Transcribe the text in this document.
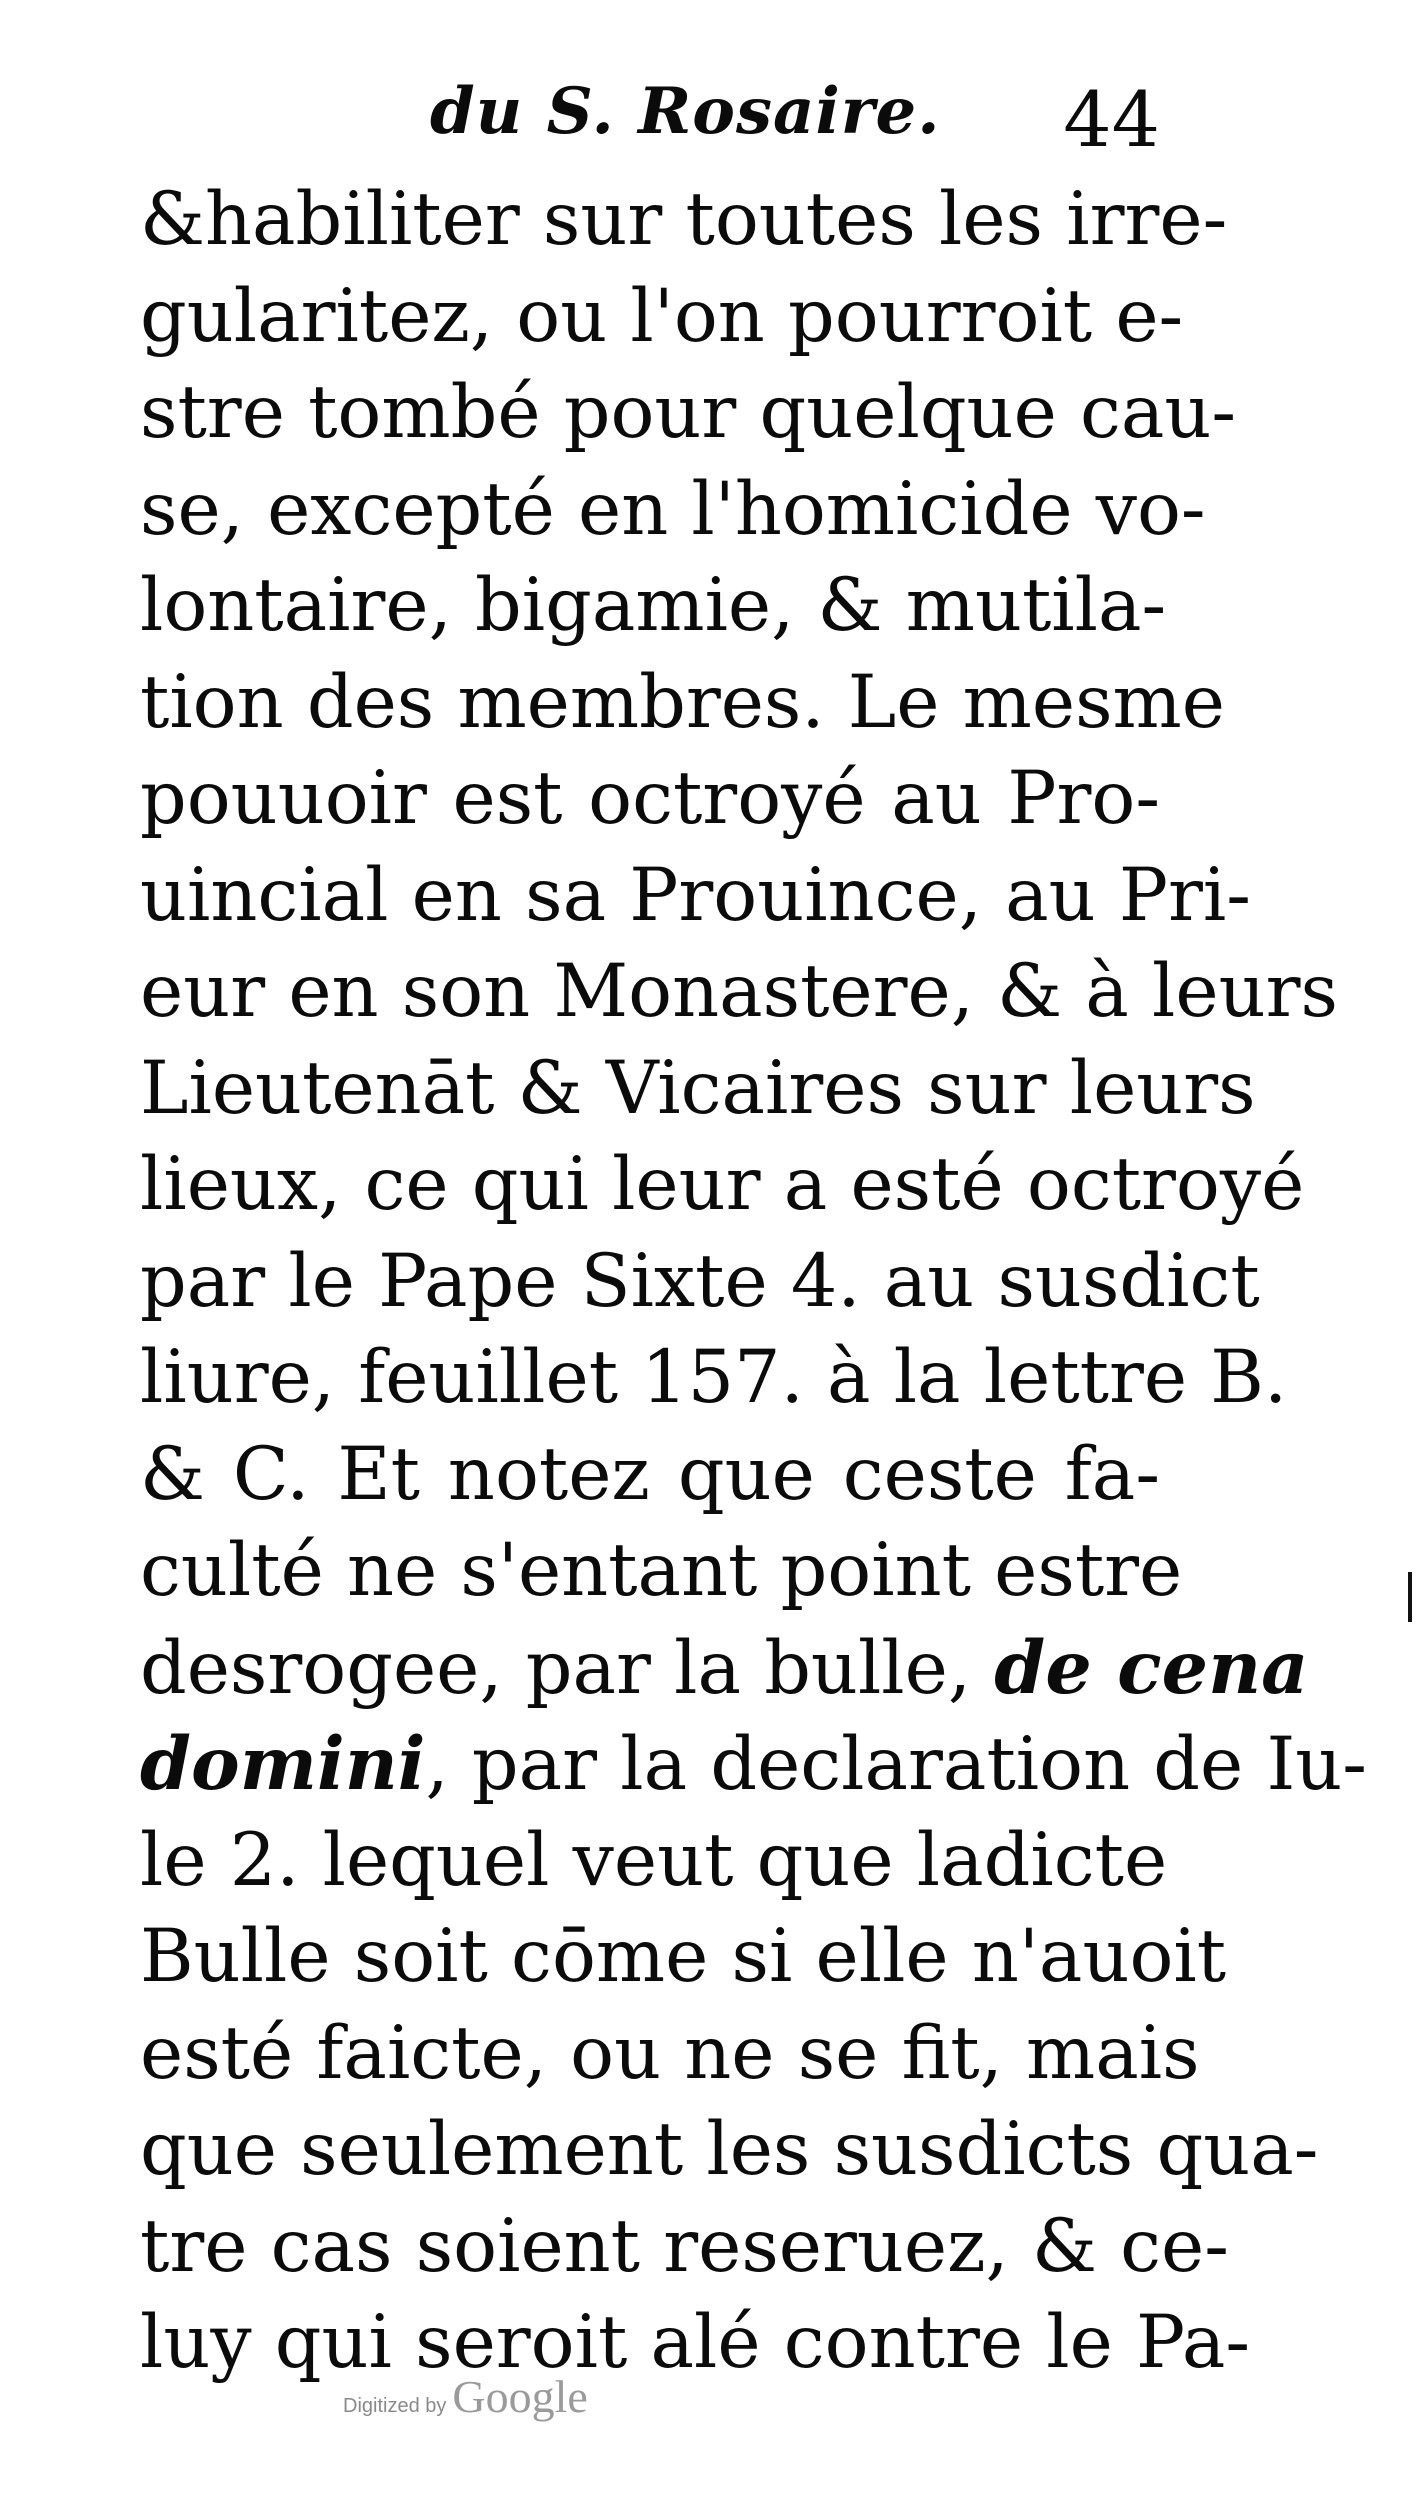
du S. Rosaire. 44
&habiliter sur toutes les irre-
gularitez, ou l'on pourroit e-
stre tombé pour quelque cau-
se, excepté en l'homicide vo-
lontaire, bigamie, & mutila-
tion des membres. Le mesme
pouuoir est octroyé au Pro-
uincial en sa Prouince, au Pri-
eur en son Monastere, & à leurs
Lieutenāt & Vicaires sur leurs
lieux, ce qui leur a esté octroyé
par le Pape Sixte 4. au susdict
liure, feuillet 157. à la lettre B.
& C. Et notez que ceste fa-
culté ne s'entant point estre
desrogee, par la bulle, de cena
domini, par la declaration de Iu-
le 2. lequel veut que ladicte
Bulle soit cōme si elle n'auoit
esté faicte, ou ne se fit, mais
que seulement les susdicts qua-
tre cas soient reseruez, & ce-
luy qui seroit alé contre le Pa-
Digitized by Google
